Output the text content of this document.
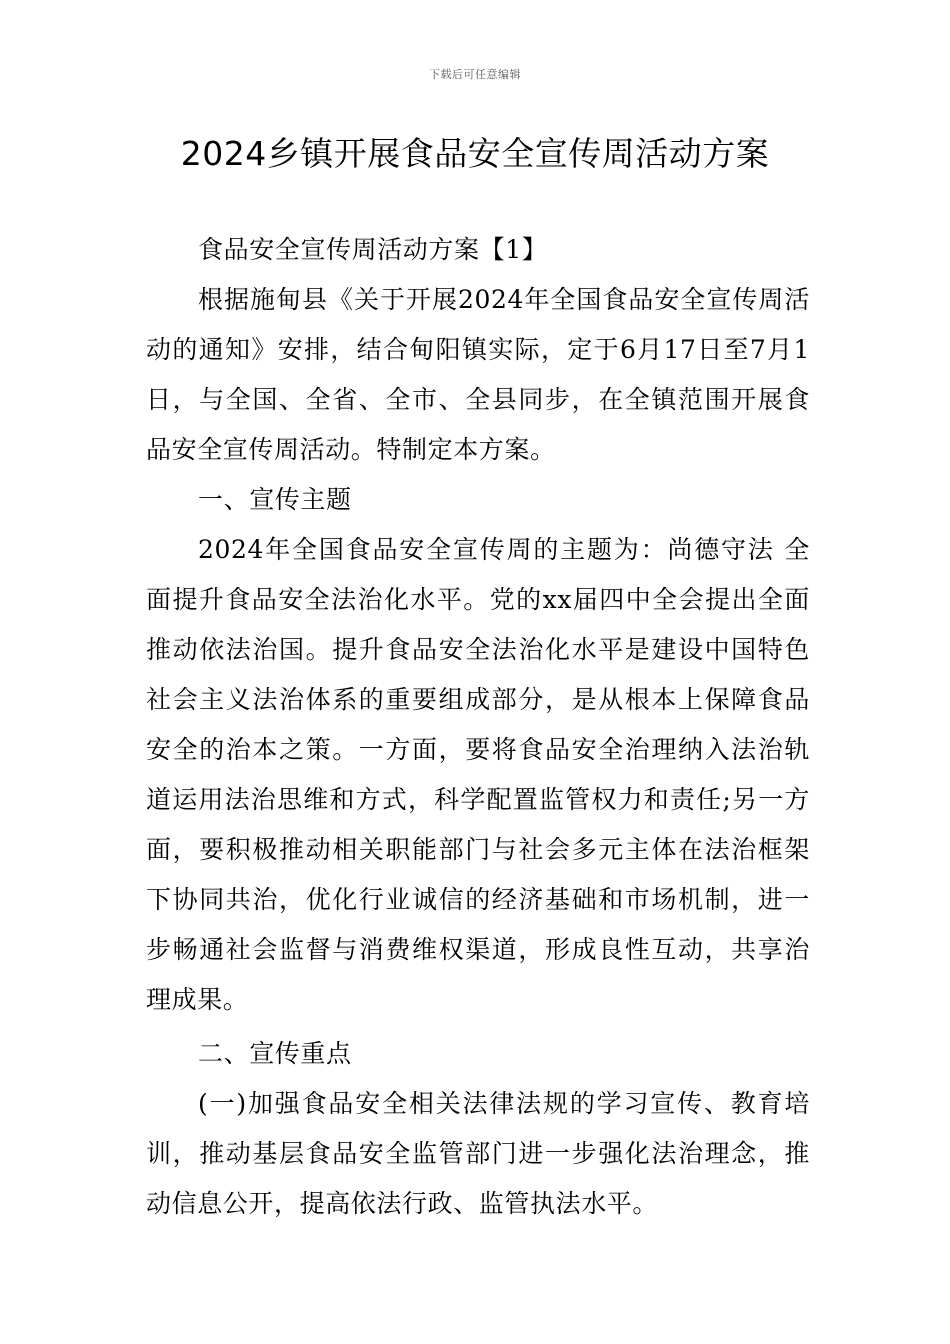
下载后可任意编辑
2024乡镇开展食品安全宣传周活动方案

食品安全宣传周活动方案【1】

根据施甸县《关于开展2024年全国食品安全宣传周活动的通知》安排，结合甸阳镇实际，定于6月17日至7月1日，与全国、全省、全市、全县同步，在全镇范围开展食品安全宣传周活动。特制定本方案。

一、宣传主题

2024年全国食品安全宣传周的主题为：尚德守法 全面提升食品安全法治化水平。党的xx届四中全会提出全面推动依法治国。提升食品安全法治化水平是建设中国特色社会主义法治体系的重要组成部分，是从根本上保障食品安全的治本之策。一方面，要将食品安全治理纳入法治轨道运用法治思维和方式，科学配置监管权力和责任;另一方面，要积极推动相关职能部门与社会多元主体在法治框架下协同共治，优化行业诚信的经济基础和市场机制，进一步畅通社会监督与消费维权渠道，形成良性互动，共享治理成果。

二、宣传重点

(一)加强食品安全相关法律法规的学习宣传、教育培训，推动基层食品安全监管部门进一步强化法治理念，推动信息公开，提高依法行政、监管执法水平。
